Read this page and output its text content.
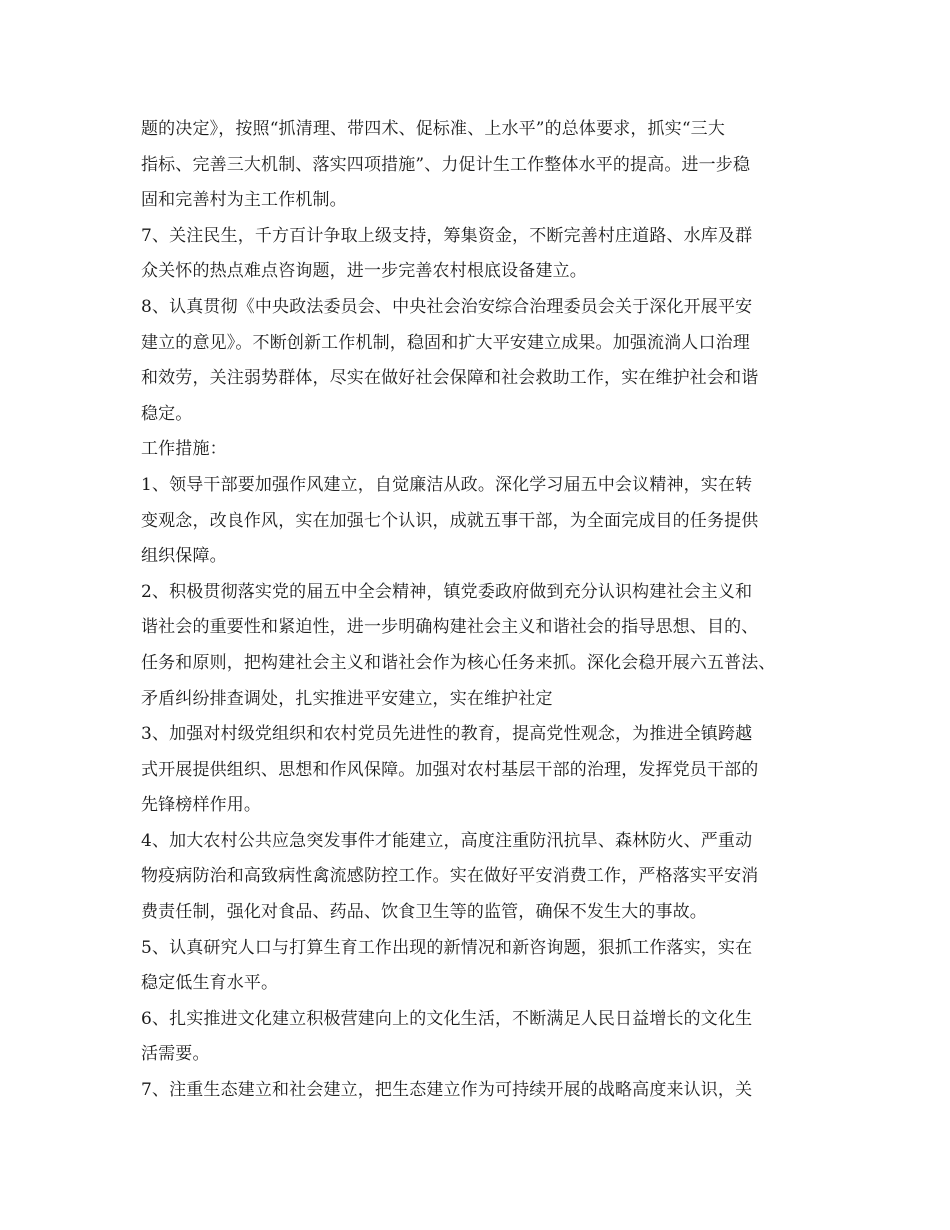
题的决定》，按照“抓清理、带四术、促标准、上水平”的总体要求，抓实“三大
指标、完善三大机制、落实四项措施”、力促计生工作整体水平的提高。进一步稳
固和完善村为主工作机制。
7、关注民生，千方百计争取上级支持，筹集资金，不断完善村庄道路、水库及群
众关怀的热点难点咨询题，进一步完善农村根底设备建立。
8、认真贯彻《中央政法委员会、中央社会治安综合治理委员会关于深化开展平安
建立的意见》。不断创新工作机制，稳固和扩大平安建立成果。加强流淌人口治理
和效劳，关注弱势群体，尽实在做好社会保障和社会救助工作，实在维护社会和谐
稳定。
工作措施：
1、领导干部要加强作风建立，自觉廉洁从政。深化学习届五中会议精神，实在转
变观念，改良作风，实在加强七个认识，成就五事干部，为全面完成目的任务提供
组织保障。
2、积极贯彻落实党的届五中全会精神，镇党委政府做到充分认识构建社会主义和
谐社会的重要性和紧迫性，进一步明确构建社会主义和谐社会的指导思想、目的、
任务和原则，把构建社会主义和谐社会作为核心任务来抓。深化会稳开展六五普法、
矛盾纠纷排查调处，扎实推进平安建立，实在维护社定
3、加强对村级党组织和农村党员先进性的教育，提高党性观念，为推进全镇跨越
式开展提供组织、思想和作风保障。加强对农村基层干部的治理，发挥党员干部的
先锋榜样作用。
4、加大农村公共应急突发事件才能建立，高度注重防汛抗旱、森林防火、严重动
物疫病防治和高致病性禽流感防控工作。实在做好平安消费工作，严格落实平安消
费责任制，强化对食品、药品、饮食卫生等的监管，确保不发生大的事故。
5、认真研究人口与打算生育工作出现的新情况和新咨询题，狠抓工作落实，实在
稳定低生育水平。
6、扎实推进文化建立积极营建向上的文化生活，不断满足人民日益增长的文化生
活需要。
7、注重生态建立和社会建立，把生态建立作为可持续开展的战略高度来认识，关
